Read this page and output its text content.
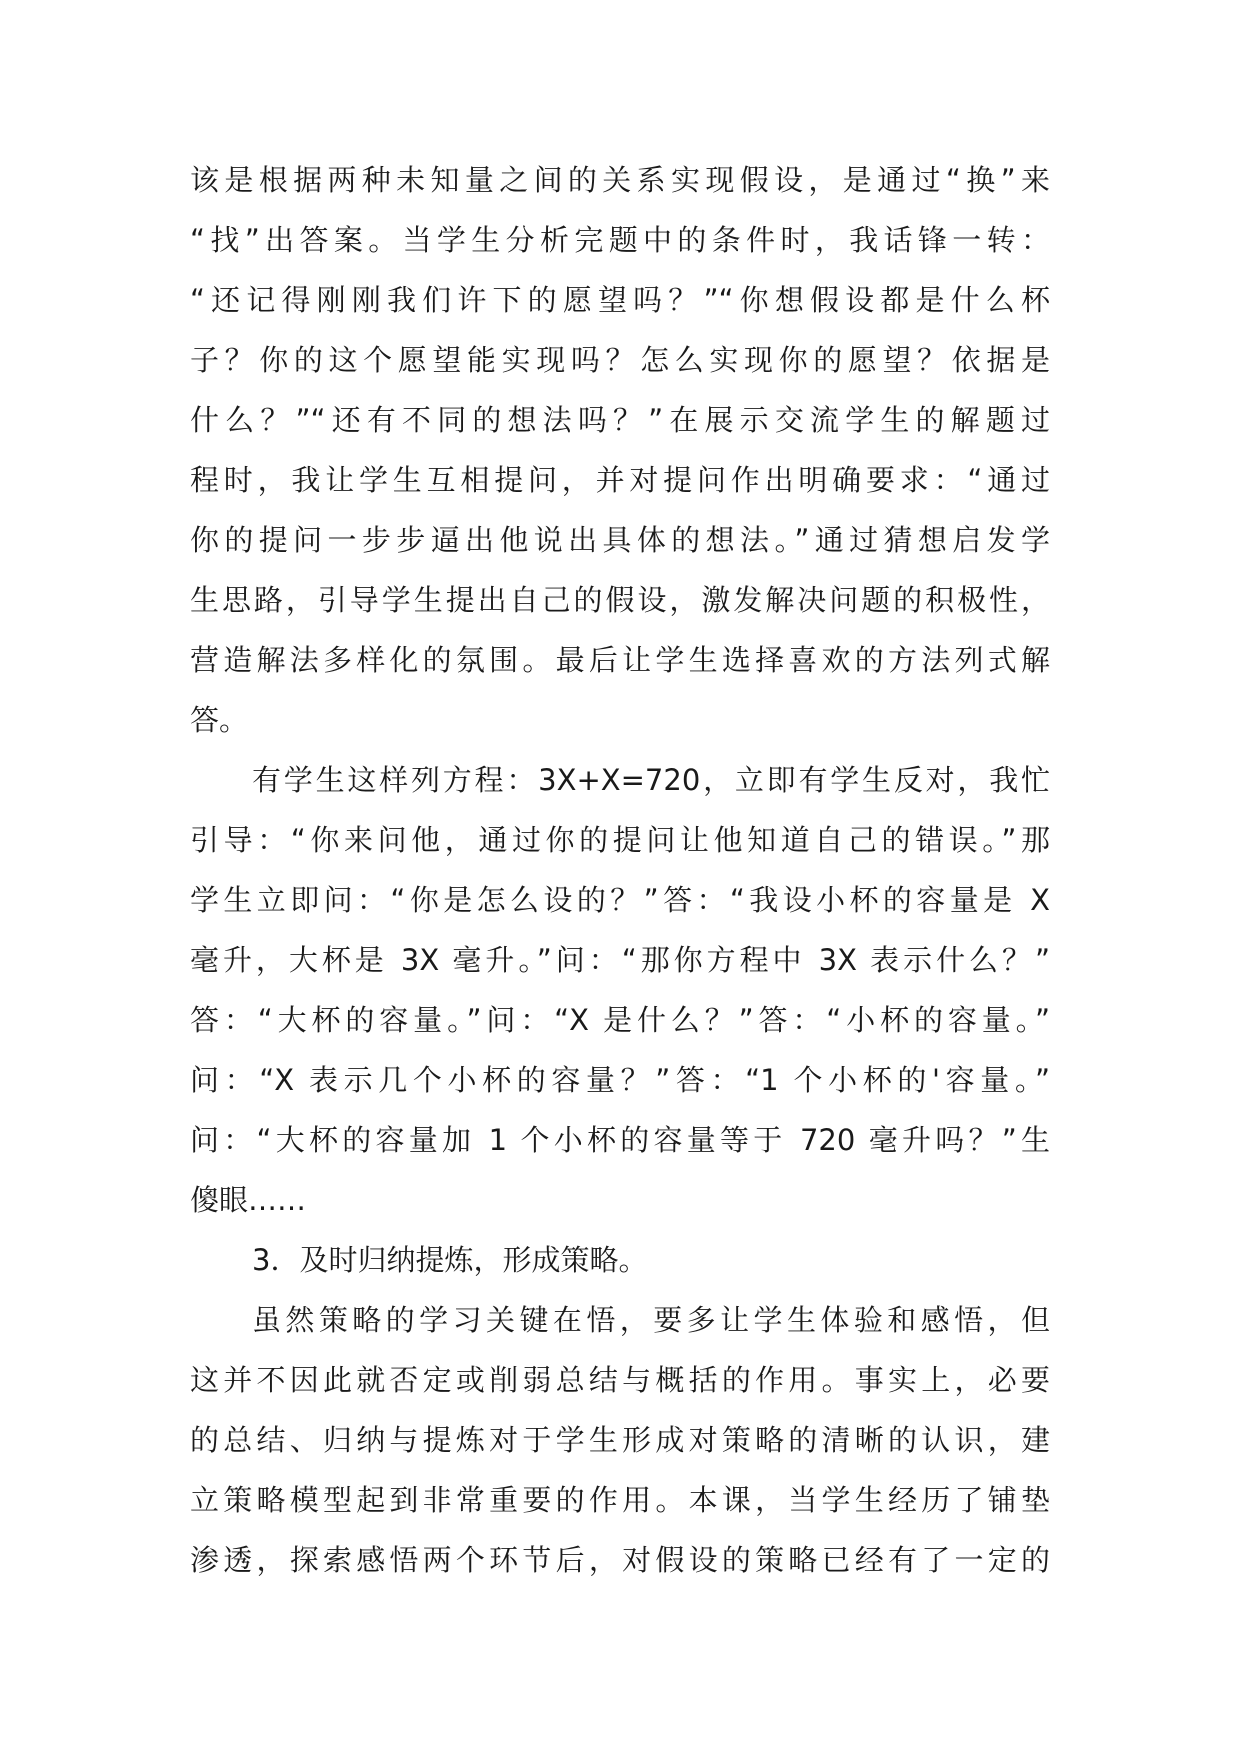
该是根据两种未知量之间的关系实现假设，是通过“换”来
“找”出答案。当学生分析完题中的条件时，我话锋一转：
“还记得刚刚我们许下的愿望吗？”“你想假设都是什么杯
子？你的这个愿望能实现吗？怎么实现你的愿望？依据是
什么？”“还有不同的想法吗？”在展示交流学生的解题过
程时，我让学生互相提问，并对提问作出明确要求：“通过
你的提问一步步逼出他说出具体的想法。”通过猜想启发学
生思路，引导学生提出自己的假设，激发解决问题的积极性，
营造解法多样化的氛围。最后让学生选择喜欢的方法列式解
答。
有学生这样列方程：3X+X=720，立即有学生反对，我忙
引导：“你来问他，通过你的提问让他知道自己的错误。”那
学生立即问：“你是怎么设的？”答：“我设小杯的容量是 X
毫升，大杯是 3X 毫升。”问：“那你方程中 3X 表示什么？”
答：“大杯的容量。”问：“X 是什么？”答：“小杯的容量。”
问：“X 表示几个小杯的容量？”答：“1 个小杯的'容量。”
问：“大杯的容量加 1 个小杯的容量等于 720 毫升吗？”生
傻眼……
3．及时归纳提炼，形成策略。
虽然策略的学习关键在悟，要多让学生体验和感悟，但
这并不因此就否定或削弱总结与概括的作用。事实上，必要
的总结、归纳与提炼对于学生形成对策略的清晰的认识，建
立策略模型起到非常重要的作用。本课，当学生经历了铺垫
渗透，探索感悟两个环节后，对假设的策略已经有了一定的
